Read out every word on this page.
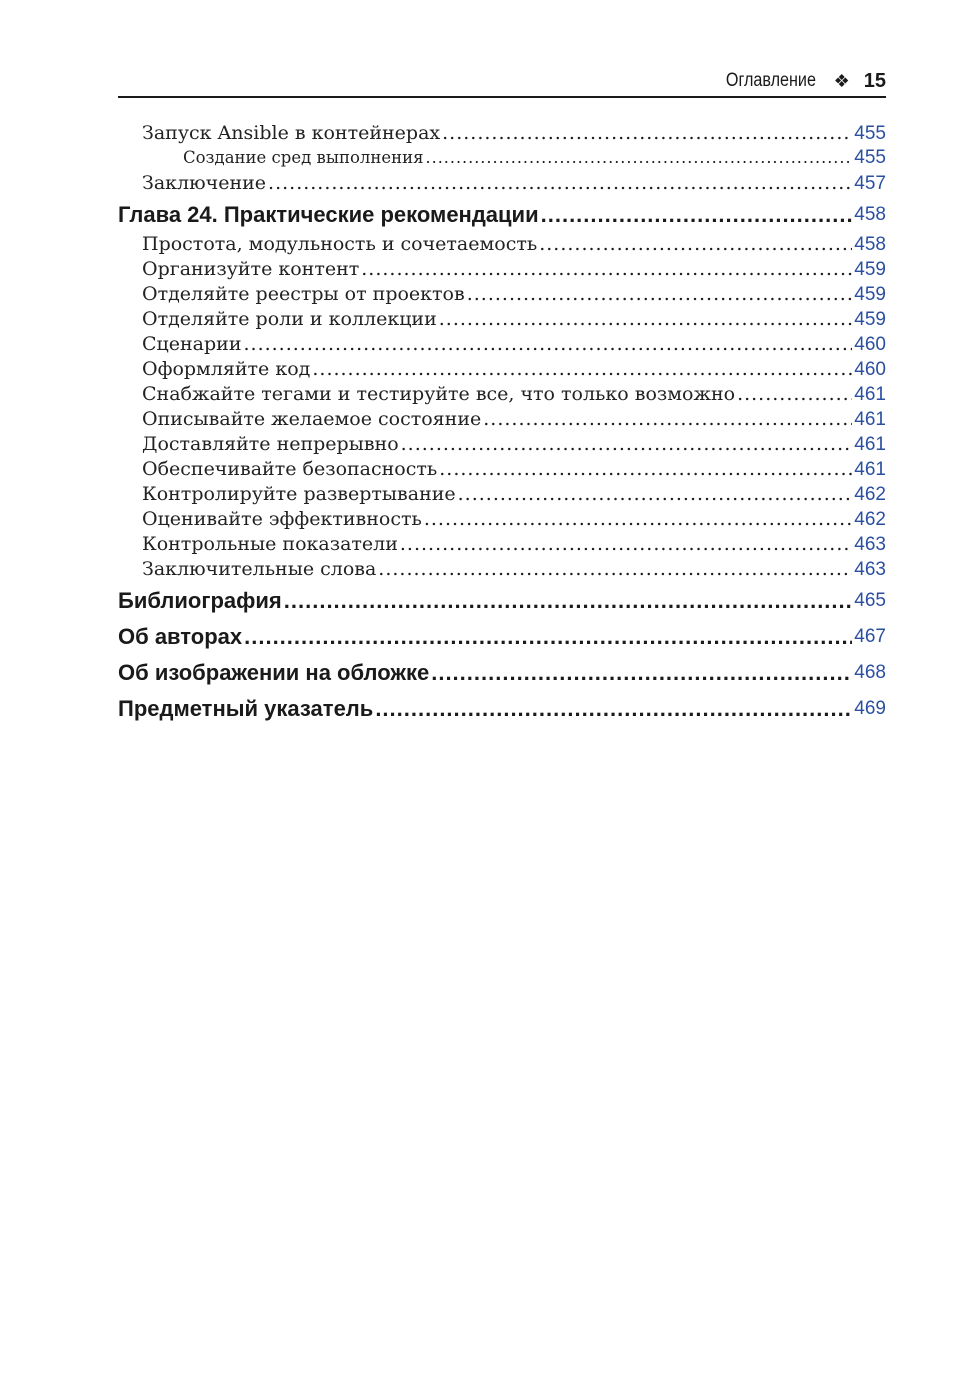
Оглавление ❖ 15
Запуск Ansible в контейнерах .....	455
Создание сред выполнения .....	455
Заключение .....	457
Глава 24. Практические рекомендации .....	458
Простота, модульность и сочетаемость .....	458
Организуйте контент .....	459
Отделяйте реестры от проектов .....	459
Отделяйте роли и коллекции .....	459
Сценарии .....	460
Оформляйте код .....	460
Снабжайте тегами и тестируйте все, что только возможно .....	461
Описывайте желаемое состояние .....	461
Доставляйте непрерывно .....	461
Обеспечивайте безопасность .....	461
Контролируйте развертывание .....	462
Оценивайте эффективность .....	462
Контрольные показатели .....	463
Заключительные слова .....	463
Библиография .....	465
Об авторах .....	467
Об изображении на обложке .....	468
Предметный указатель .....	469
